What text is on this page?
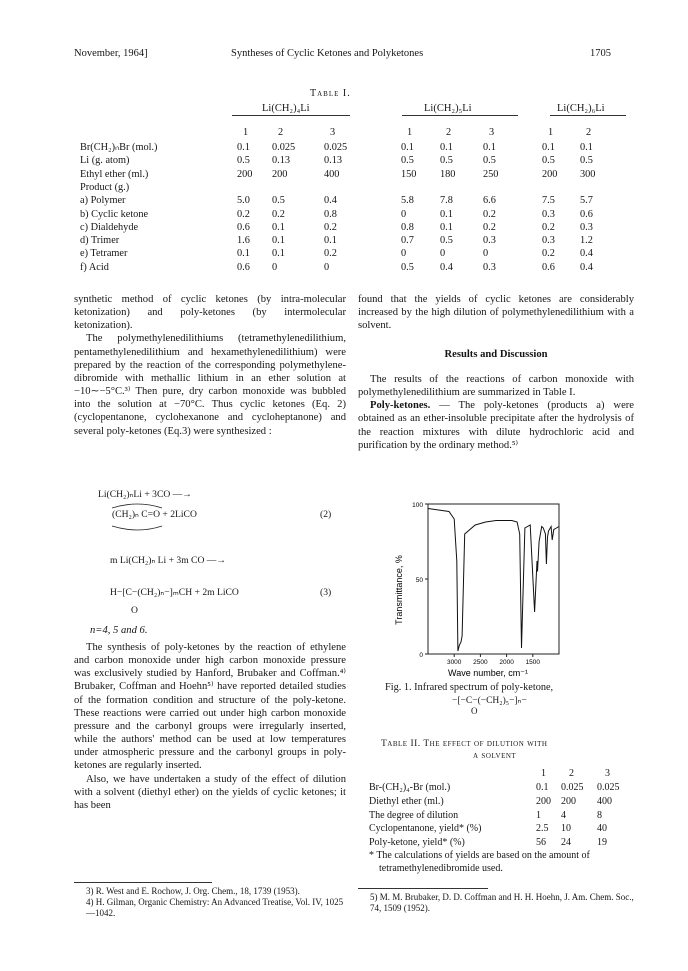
November, 1964]	Syntheses of Cyclic Ketones and Polyketones	1705
Table I.
Li(CH₂)₄Li	Li(CH₂)₅Li	Li(CH₂)₆Li
1	2	3	1	2	3	1	2
Br(CH₂)ₙBr (mol.)	0.1 0.025	0.025	0.1	0.1	0.1	0.1 0.1
Li (g. atom)	0.5 0.13	0.13	0.5	0.5	0.5	0.5 0.5
Ethyl ether (ml.)	200 200	400	150 180	250	200 300
Product (g.)
a) Polymer	5.0 0.5	0.4	5.8	7.8	6.6	7.5 5.7
b) Cyclic ketone	0.2 0.2	0.8	0	0.1	0.2	0.3 0.6
c) Dialdehyde	0.6 0.1	0.2	0.8	0.1	0.2	0.2 0.3
d) Trimer	1.6 0.1	0.1	0.7	0.5	0.3	0.3 1.2
e) Tetramer	0.1 0.1	0.2	0	0	0	0.2 0.4
f) Acid	0.6 0	0	0.5	0.4	0.3	0.6 0.4

synthetic method of cyclic ketones (by intra-molecular ketonization) and poly-ketones (by intermolecular ketonization).

The polymethylenedilithiums (tetramethylenedilithium, pentamethylenedilithium and hexamethylenedilithium) were prepared by the reaction of the corresponding polymethylene-dibromide with methallic lithium in an ether solution at −10∼−5°C.³⁾ Then pure, dry carbon monoxide was bubbled into the solution at −70°C. Thus cyclic ketones (Eq. 2) (cyclopentanone, cyclohexanone and cycloheptanone) and several poly-ketones (Eq.3) were synthesized :

Li(CH₂)ₙLi + 3CO —→
(CH₂)ₙ C=O + 2LiCO	(2)
m Li(CH₂)ₙ Li + 3m CO —→
H−[C−(CH₂)ₙ−]ₘCH + 2m LiCO
O
(3)
n=4, 5 and 6.

The synthesis of poly-ketones by the reaction of ethylene and carbon monoxide under high carbon monoxide pressure was exclusively studied by Hanford, Brubaker and Coffman.⁴⁾ Brubaker, Coffman and Hoehn⁵⁾ have reported detailed studies of the formation condition and structure of the poly-ketone. These reactions were carried out under high carbon monoxide pressure and the carbonyl groups were irregularly inserted, while the authors' method can be used at low temperatures under atmospheric pressure and the carbonyl groups in poly-ketones are regularly inserted.

Also, we have undertaken a study of the effect of dilution with a solvent (diethyl ether) on the yields of cyclic ketones; it has been

3) R. West and E. Rochow, J. Org. Chem., 18, 1739 (1953).
4) H. Gilman, Organic Chemistry: An Advanced Treatise, Vol. IV, 1025—1042.

found that the yields of cyclic ketones are considerably increased by the high dilution of polymethylenedilithium with a solvent.

Results and Discussion

The results of the reactions of carbon monoxide with polymethylenedilithium are summarized in Table I.

Poly-ketones. — The poly-ketones (products a) were obtained as an ether-insoluble precipitate after the hydrolysis of the reaction mixtures with dilute hydrochloric acid and purification by the ordinary method.⁵⁾

Transmittance, %
Wave number, cm⁻¹
100
50
0
3000 2500 2000 1500
Fig. 1. Infrared spectrum of poly-ketone,
−[−C−(−CH₂)₅−]ₙ−
O
Table II. The effect of dilution with
a solvent
1 2	3
Br-(CH₂)₄-Br (mol.)	0.1 0.025 0.025
Diethyl ether (ml.)	200 200 400
The degree of dilution	1 4	8
Cyclopentanone, yield* (%)	2.5 10	40
Poly-ketone, yield* (%)	56 24	19
* The calculations of yields are based on the amount of tetramethylenedibromide used.
5) M. M. Brubaker, D. D. Coffman and H. H. Hoehn, J. Am. Chem. Soc., 74, 1509 (1952).
